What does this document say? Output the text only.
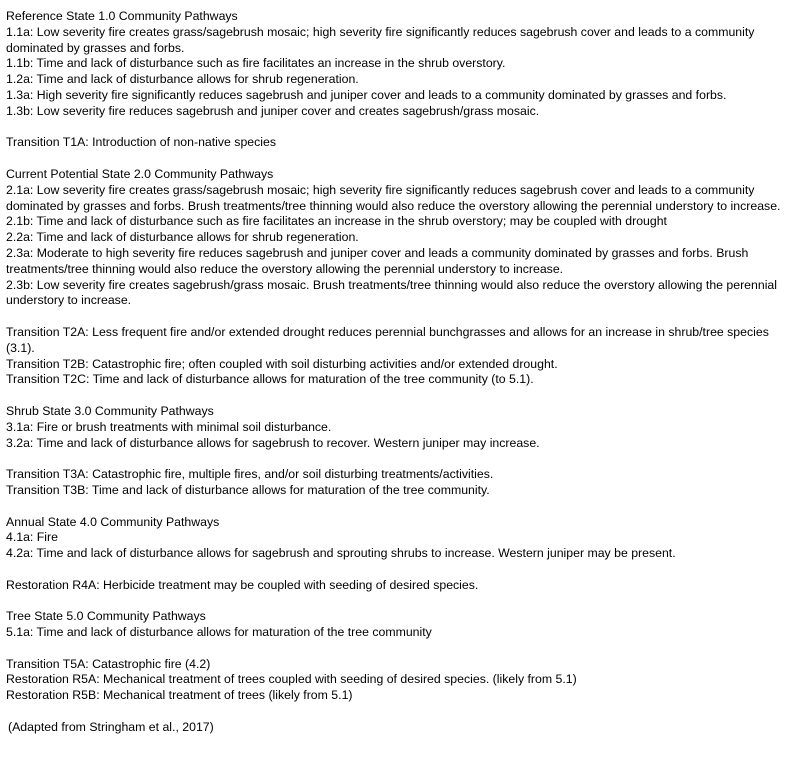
Reference State 1.0 Community Pathways
1.1a: Low severity fire creates grass/sagebrush mosaic; high severity fire significantly reduces sagebrush cover and leads to a community dominated by grasses and forbs.
1.1b: Time and lack of disturbance such as fire facilitates an increase in the shrub overstory.
1.2a: Time and lack of disturbance allows for shrub regeneration.
1.3a: High severity fire significantly reduces sagebrush and juniper cover and leads to a community dominated by grasses and forbs.
1.3b: Low severity fire reduces sagebrush and juniper cover and creates sagebrush/grass mosaic.
Transition T1A: Introduction of non-native species
Current Potential State 2.0 Community Pathways
2.1a: Low severity fire creates grass/sagebrush mosaic; high severity fire significantly reduces sagebrush cover and leads to a community dominated by grasses and forbs. Brush treatments/tree thinning would also reduce the overstory allowing the perennial understory to increase.
2.1b: Time and lack of disturbance such as fire facilitates an increase in the shrub overstory; may be coupled with drought
2.2a: Time and lack of disturbance allows for shrub regeneration.
2.3a: Moderate to high severity fire reduces sagebrush and juniper cover and leads a community dominated by grasses and forbs. Brush treatments/tree thinning would also reduce the overstory allowing the perennial understory to increase.
2.3b: Low severity fire creates sagebrush/grass mosaic. Brush treatments/tree thinning would also reduce the overstory allowing the perennial understory to increase.
Transition T2A: Less frequent fire and/or extended drought reduces perennial bunchgrasses and allows for an increase in shrub/tree species (3.1).
Transition T2B: Catastrophic fire; often coupled with soil disturbing activities and/or extended drought.
Transition T2C: Time and lack of disturbance allows for maturation of the tree community (to 5.1).
Shrub State 3.0 Community Pathways
3.1a: Fire or brush treatments with minimal soil disturbance.
3.2a: Time and lack of disturbance allows for sagebrush to recover. Western juniper may increase.
Transition T3A: Catastrophic fire, multiple fires, and/or soil disturbing treatments/activities.
Transition T3B: Time and lack of disturbance allows for maturation of the tree community.
Annual State 4.0 Community Pathways
4.1a: Fire
4.2a: Time and lack of disturbance allows for sagebrush and sprouting shrubs to increase. Western juniper may be present.
Restoration R4A: Herbicide treatment may be coupled with seeding of desired species.
Tree State 5.0 Community Pathways
5.1a: Time and lack of disturbance allows for maturation of the tree community
Transition T5A: Catastrophic fire (4.2)
Restoration R5A: Mechanical treatment of trees coupled with seeding of desired species. (likely from 5.1)
Restoration R5B: Mechanical treatment of trees (likely from 5.1)
(Adapted from Stringham et al., 2017)
